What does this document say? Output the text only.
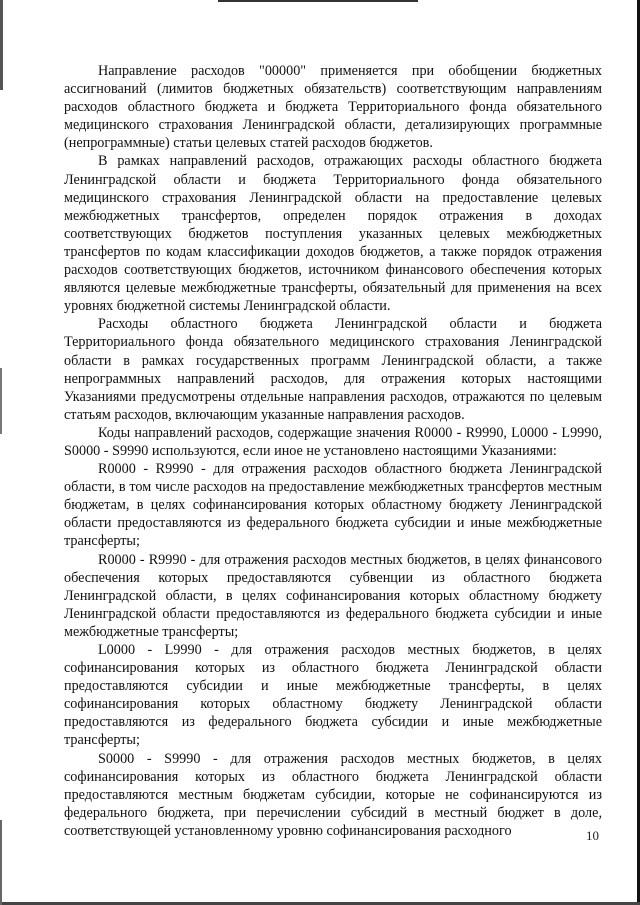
Направление расходов "00000" применяется при обобщении бюджетных ассигнований (лимитов бюджетных обязательств) соответствующим направлениям расходов областного бюджета и бюджета Территориального фонда обязательного медицинского страхования Ленинградской области, детализирующих программные (непрограммные) статьи целевых статей расходов бюджетов.

В рамках направлений расходов, отражающих расходы областного бюджета Ленинградской области и бюджета Территориального фонда обязательного медицинского страхования Ленинградской области на предоставление целевых межбюджетных трансфертов, определен порядок отражения в доходах соответствующих бюджетов поступления указанных целевых межбюджетных трансфертов по кодам классификации доходов бюджетов, а также порядок отражения расходов соответствующих бюджетов, источником финансового обеспечения которых являются целевые межбюджетные трансферты, обязательный для применения на всех уровнях бюджетной системы Ленинградской области.

Расходы областного бюджета Ленинградской области и бюджета Территориального фонда обязательного медицинского страхования Ленинградской области в рамках государственных программ Ленинградской области, а также непрограммных направлений расходов, для отражения которых настоящими Указаниями предусмотрены отдельные направления расходов, отражаются по целевым статьям расходов, включающим указанные направления расходов.

Коды направлений расходов, содержащие значения R0000 - R9990, L0000 - L9990, S0000 - S9990 используются, если иное не установлено настоящими Указаниями:

R0000 - R9990 - для отражения расходов областного бюджета Ленинградской области, в том числе расходов на предоставление межбюджетных трансфертов местным бюджетам, в целях софинансирования которых областному бюджету Ленинградской области предоставляются из федерального бюджета субсидии и иные межбюджетные трансферты;

R0000 - R9990 - для отражения расходов местных бюджетов, в целях финансового обеспечения которых предоставляются субвенции из областного бюджета Ленинградской области, в целях софинансирования которых областному бюджету Ленинградской области предоставляются из федерального бюджета субсидии и иные межбюджетные трансферты;

L0000 - L9990 - для отражения расходов местных бюджетов, в целях софинансирования которых из областного бюджета Ленинградской области предоставляются субсидии и иные межбюджетные трансферты, в целях софинансирования которых областному бюджету Ленинградской области предоставляются из федерального бюджета субсидии и иные межбюджетные трансферты;

S0000 - S9990 - для отражения расходов местных бюджетов, в целях софинансирования которых из областного бюджета Ленинградской области предоставляются местным бюджетам субсидии, которые не софинансируются из федерального бюджета, при перечислении субсидий в местный бюджет в доле, соответствующей установленному уровню софинансирования расходного	10
